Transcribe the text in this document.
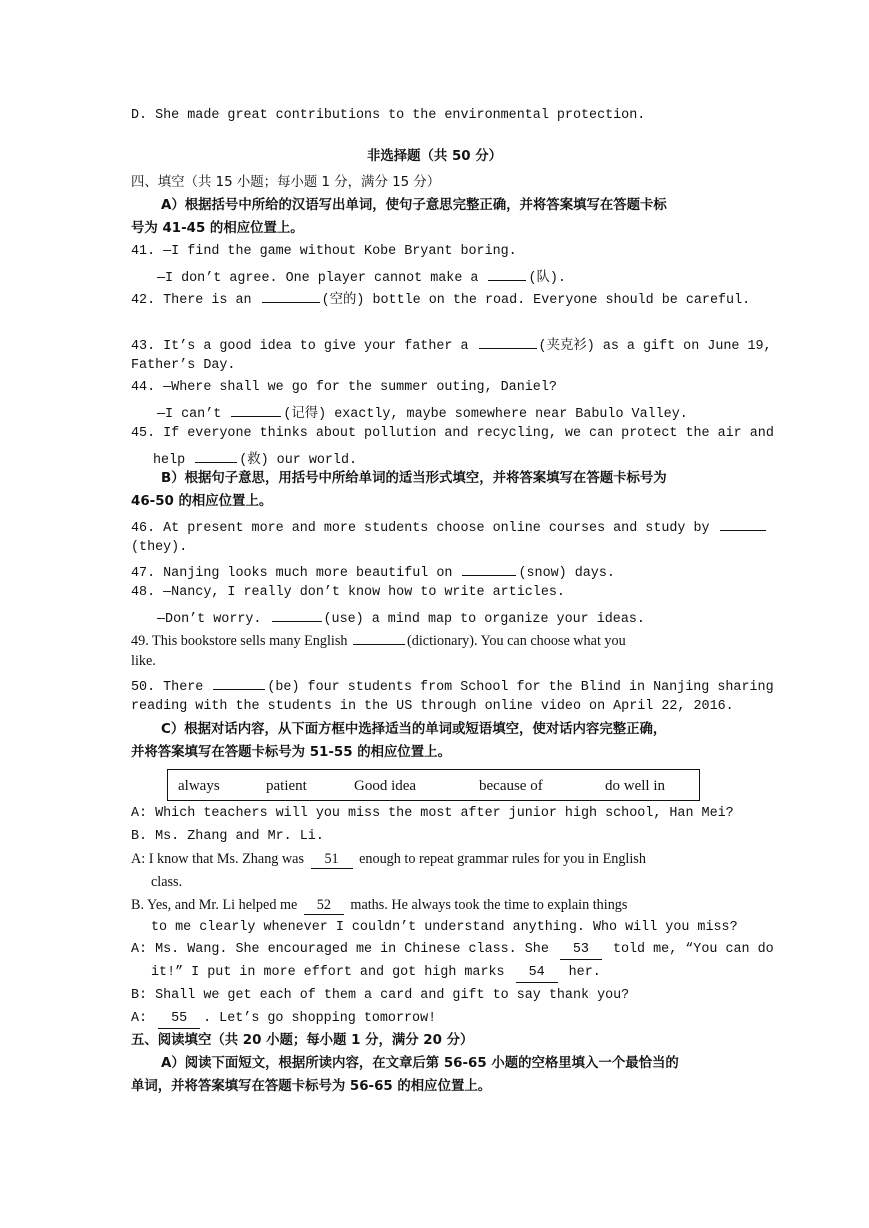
D. She made great contributions to the environmental protection.
非选择题（共 50 分）
四、填空（共 15 小题；每小题 1 分，满分 15 分）
A）根据括号中所给的汉语写出单词，使句子意思完整正确，并将答案填写在答题卡标
号为 41-45 的相应位置上。
41. —I find the game without Kobe Bryant boring.
—I don’t agree. One player cannot make a	(队).
42. There is an	(空的) bottle on the road. Everyone should be careful.
43. It’s a good idea to give your father a	(夹克衫) as a gift on June 19,
Father’s Day.
44. —Where shall we go for the summer outing, Daniel?
—I can’t	(记得) exactly, maybe somewhere near Babulo Valley.
45. If everyone thinks about pollution and recycling, we can protect the air and
help	(救) our world.
B）根据句子意思，用括号中所给单词的适当形式填空，并将答案填写在答题卡标号为
46-50 的相应位置上。
46. At present more and more students choose online courses and study by
(they).
47. Nanjing looks much more beautiful on	(snow) days.
48. —Nancy, I really don’t know how to write articles.
—Don’t worry.	(use) a mind map to organize your ideas.
49. This bookstore sells many English	(dictionary). You can choose what you
like.
50. There	(be) four students from School for the Blind in Nanjing sharing
reading with the students in the US through online video on April 22, 2016.
C）根据对话内容，从下面方框中选择适当的单词或短语填空，使对话内容完整正确，
并将答案填写在答题卡标号为 51-55 的相应位置上。
always	patient	Good idea	because of	do well in
A: Which teachers will you miss the most after junior high school, Han Mei?
B. Ms. Zhang and Mr. Li.
A: I know that Ms. Zhang was 51 enough to repeat grammar rules for you in English
class.
B. Yes, and Mr. Li helped me 52 maths. He always took the time to explain things
to me clearly whenever I couldn’t understand anything. Who will you miss?
A: Ms. Wang. She encouraged me in Chinese class. She 53 told me, “You can do
it!” I put in more effort and got high marks 54 her.
B: Shall we get each of them a card and gift to say thank you?
A: 55 . Let’s go shopping tomorrow!
五、阅读填空（共 20 小题；每小题 1 分，满分 20 分）
A）阅读下面短文，根据所读内容，在文章后第 56-65 小题的空格里填入一个最恰当的
单词，并将答案填写在答题卡标号为 56-65 的相应位置上。
